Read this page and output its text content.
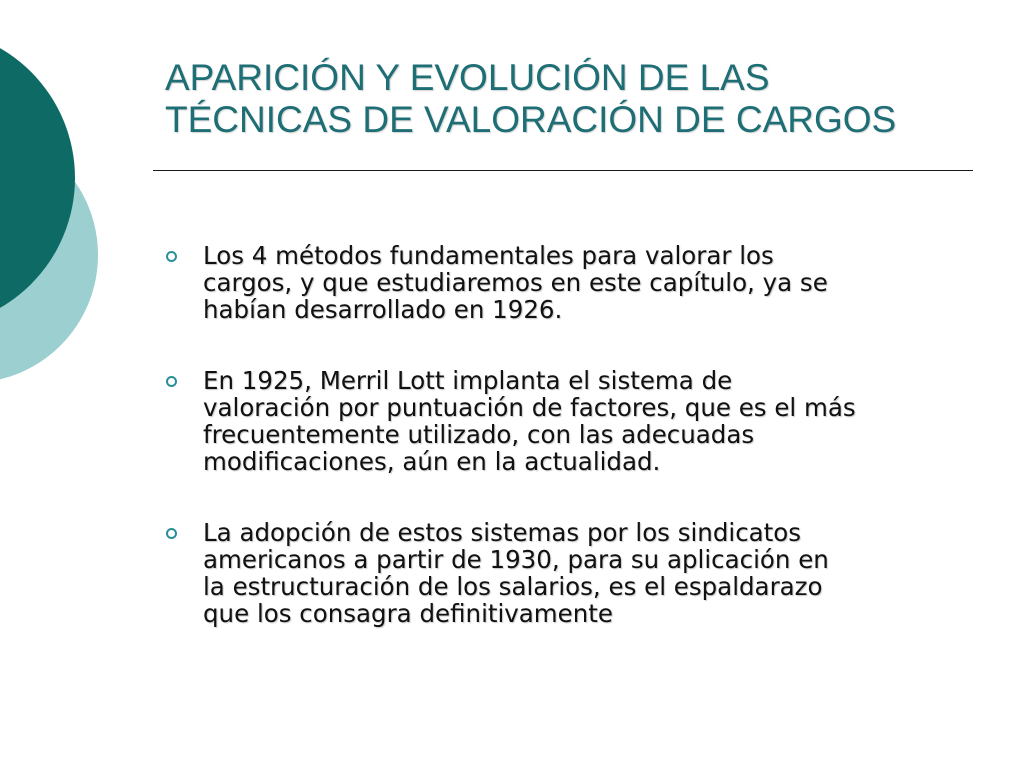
APARICIÓN Y EVOLUCIÓN DE LAS
TÉCNICAS DE VALORACIÓN DE CARGOS
Los 4 métodos fundamentales para valorar los
cargos, y que estudiaremos en este capítulo, ya se
habían desarrollado en 1926.
En 1925, Merril Lott implanta el sistema de
valoración por puntuación de factores, que es el más
frecuentemente utilizado, con las adecuadas
modificaciones, aún en la actualidad.
La adopción de estos sistemas por los sindicatos
americanos a partir de 1930, para su aplicación en
la estructuración de los salarios, es el espaldarazo
que los consagra definitivamente
